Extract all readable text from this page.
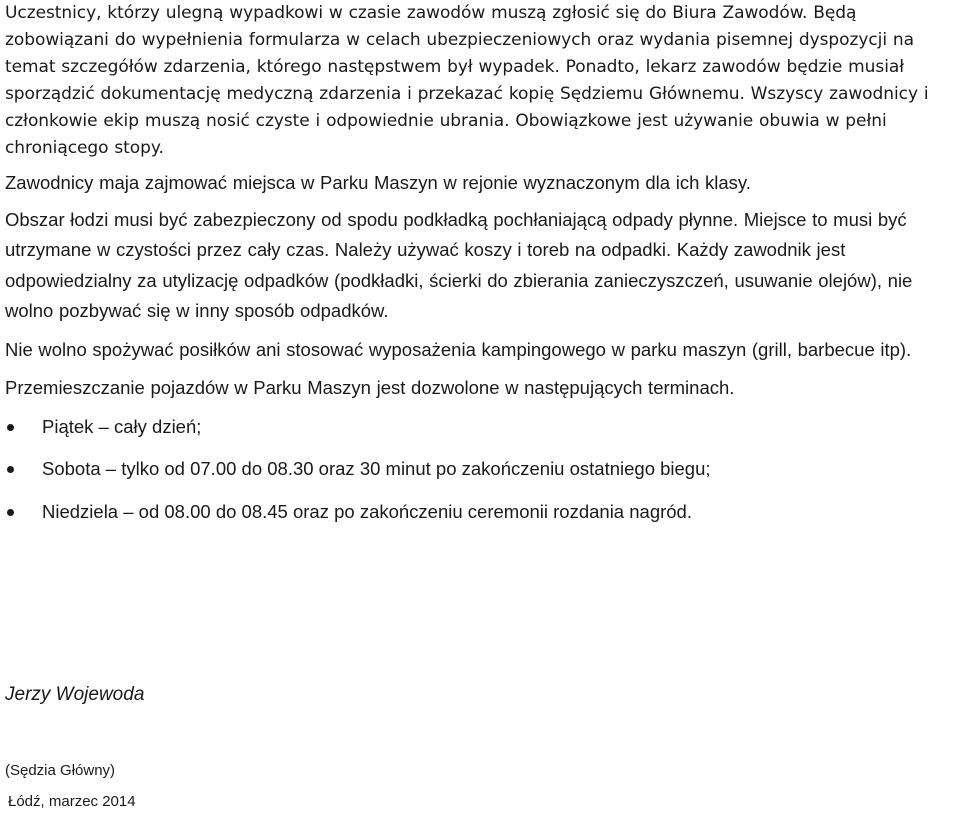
Uczestnicy, którzy ulegną wypadkowi w czasie zawodów muszą zgłosić się do Biura Zawodów. Będą zobowiązani do wypełnienia formularza w celach ubezpieczeniowych oraz wydania pisemnej dyspozycji na temat szczegółów zdarzenia, którego następstwem był wypadek. Ponadto, lekarz zawodów będzie musiał sporządzić dokumentację medyczną zdarzenia i przekazać kopię Sędziemu Głównemu. Wszyscy zawodnicy i członkowie ekip muszą nosić czyste i odpowiednie ubrania. Obowiązkowe jest używanie obuwia w pełni chroniącego stopy.

Zawodnicy maja zajmować miejsca w Parku Maszyn w rejonie wyznaczonym dla ich klasy.

Obszar łodzi musi być zabezpieczony od spodu podkładką pochłaniającą odpady płynne. Miejsce to musi być utrzymane w czystości przez cały czas. Należy używać koszy i toreb na odpadki. Każdy zawodnik jest odpowiedzialny za utylizację odpadków (podkładki, ścierki do zbierania zanieczyszczeń, usuwanie olejów), nie wolno pozbywać się w inny sposób odpadków.

Nie wolno spożywać posiłków ani stosować wyposażenia kampingowego w parku maszyn (grill, barbecue itp).

Przemieszczanie pojazdów w Parku Maszyn jest dozwolone w następujących terminach.

Piątek – cały dzień;
Sobota – tylko od 07.00 do 08.30 oraz 30 minut po zakończeniu ostatniego biegu;
Niedziela – od 08.00 do 08.45 oraz po zakończeniu ceremonii rozdania nagród.
Jerzy Wojewoda
(Sędzia Główny)
Łódź, marzec 2014
